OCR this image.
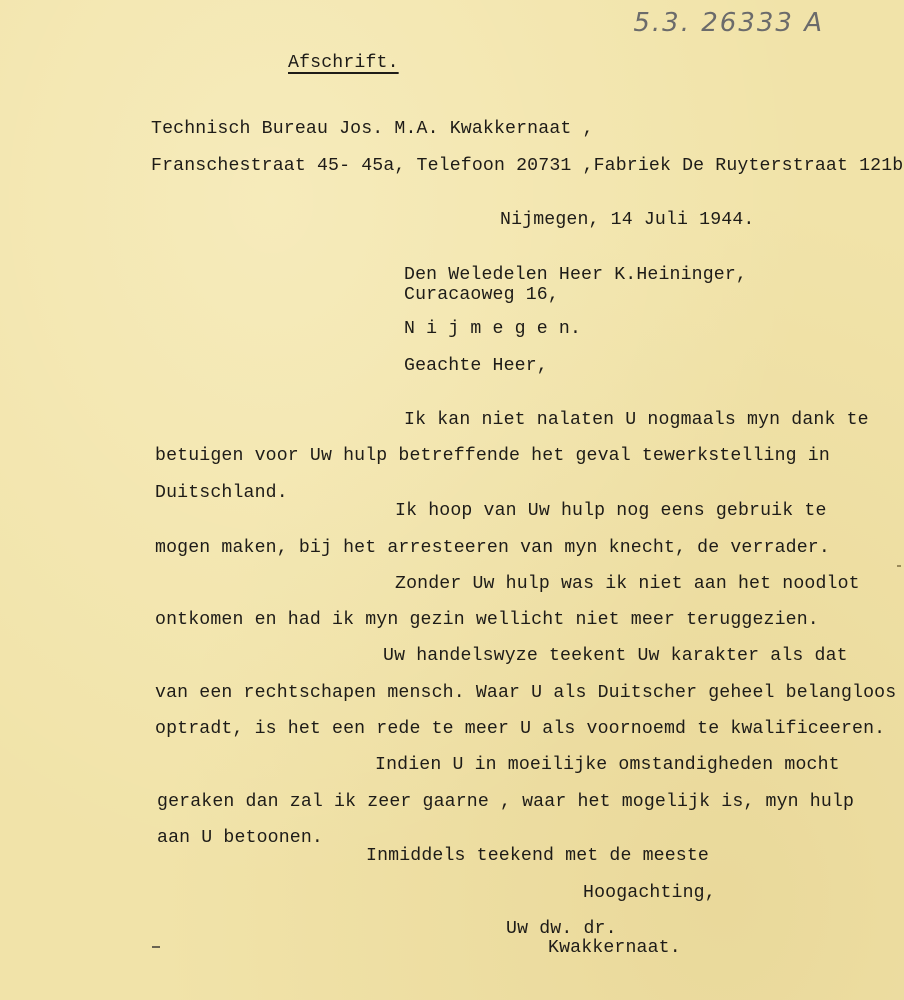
5.3. 26333 A
Afschrift.
Technisch Bureau Jos. M.A. Kwakkernaat ,
Franschestraat 45- 45a, Telefoon 20731 ,Fabriek De Ruyterstraat 121b
Nijmegen, 14 Juli 1944.
Den Weledelen Heer K.Heininger,
Curacaoweg 16,
N i j m e g e n.
Geachte Heer,
Ik kan niet nalaten U nogmaals myn dank te
betuigen voor Uw hulp betreffende het geval tewerkstelling in
Duitschland.
Ik hoop van Uw hulp nog eens gebruik te
mogen maken, bij het arresteeren van myn knecht, de verrader.
Zonder Uw hulp was ik niet aan het noodlot
ontkomen en had ik myn gezin wellicht niet meer teruggezien.
Uw handelswyze teekent Uw karakter als dat
van een rechtschapen mensch. Waar U als Duitscher geheel belangloos
optradt, is het een rede te meer U als voornoemd te kwalificeeren.
Indien U in moeilijke omstandigheden mocht
geraken dan zal ik zeer gaarne , waar het mogelijk is, myn hulp
aan U betoonen.
Inmiddels teekend met de meeste
Hoogachting,
Uw dw. dr.
Kwakkernaat.
